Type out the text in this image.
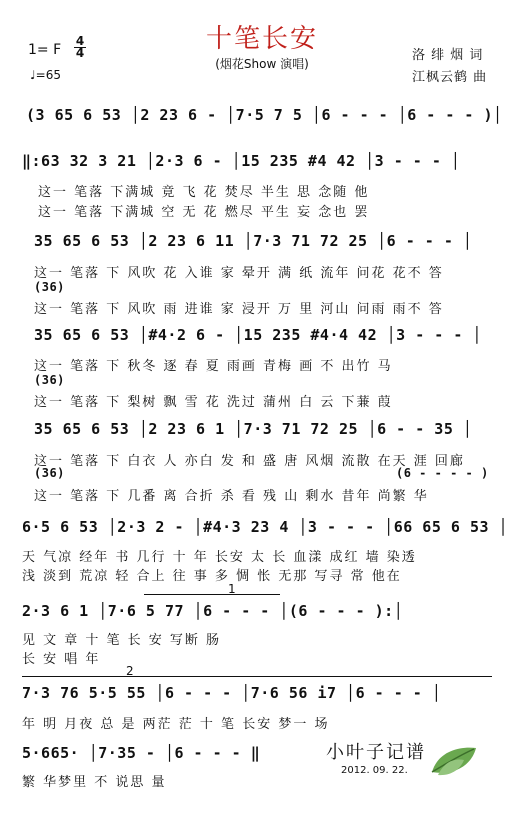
十笔长安
(烟花Show 演唱)
1= F
4
4
♩=65
洛 绯 烟 词
江枫云鹤 曲
(3 65 6 53 │2 23 6 - │7·5 7 5 │6 - - - │6 - - - )│
‖:63 32 3 21 │2·3 6 - │15 235 #4 42 │3 - - - │
这一 笔落 下满城 竟 飞 花 焚尽 半生 思 念随 他
这一 笔落 下满城 空 无 花 燃尽 平生 妄 念也 罢
35 65 6 53 │2 23 6 11 │7·3 71 72 25 │6 - - - │
这一 笔落 下 风吹 花 入谁 家 晕开 满 纸 流年 问花 花不 答
(36)
这一 笔落 下 风吹 雨 进谁 家 浸开 万 里 河山 问雨 雨不 答
35 65 6 53 │#4·2 6 - │15 235 #4·4 42 │3 - - - │
这一 笔落 下 秋冬 逐 春 夏 雨画 青梅 画 不 出竹 马
(36)
这一 笔落 下 梨树 飘 雪 花 洗过 蒲州 白 云 下蒹 葭
35 65 6 53 │2 23 6 1 │7·3 71 72 25 │6 - - 35 │
这一 笔落 下 白衣 人 亦白 发 和 盛 唐 风烟 流散 在天 涯 回廊
(36)	(6 - - - - )
这一 笔落 下 几番 离 合折 杀 看 残 山 剩水 昔年 尚繁 华
6·5 6 53 │2·3 2 - │#4·3 23 4 │3 - - - │66 65 6 53 │
天 气凉 经年 书 几行 十 年 长安 太 长 血漾 成红 墙 染透
浅 淡到 荒凉 轻 合上 往 事 多 惆 怅 无那 写寻 常 他在
1
2·3 6 1 │7·6 5 77 │6 - - - │(6 - - - ):│
见 文 章 十 笔 长 安 写断 肠
长 安 唱 年
2
7·3 76 5·5 55 │6 - - - │7·6 56 i7 │6 - - - │
年 明 月夜 总 是 两茫 茫 十 笔 长安 梦一 场
5·665· │7·35 - │6 - - - ‖
繁 华梦里 不 说思 量
小叶子记谱
2012. 09. 22.
